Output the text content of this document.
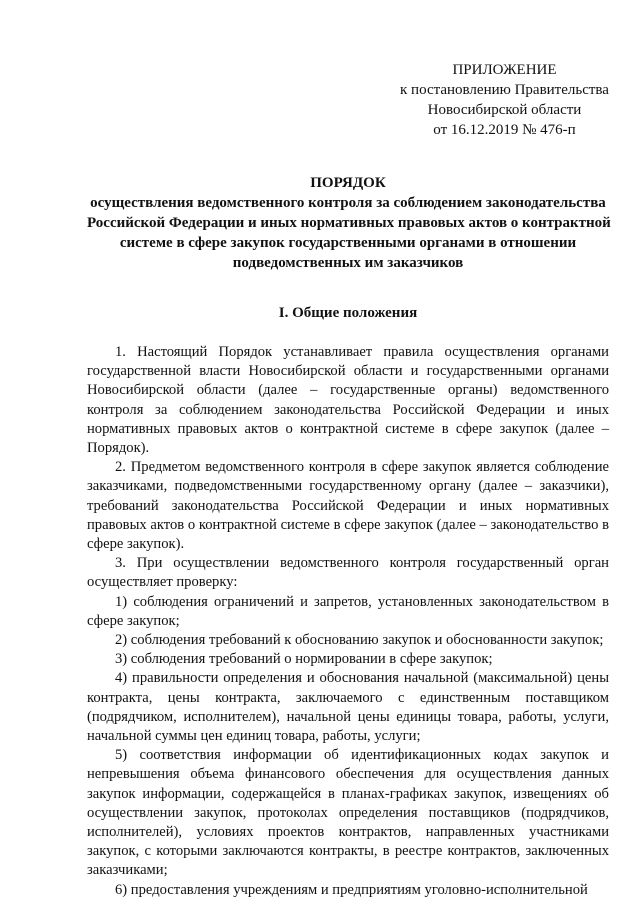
ПРИЛОЖЕНИЕ
к постановлению Правительства
Новосибирской области
от 16.12.2019 № 476-п
ПОРЯДОК
осуществления ведомственного контроля за соблюдением законодательства
Российской Федерации и иных нормативных правовых актов о контрактной
системе в сфере закупок государственными органами в отношении
подведомственных им заказчиков
I. Общие положения

1. Настоящий Порядок устанавливает правила осуществления органами государственной власти Новосибирской области и государственными органами Новосибирской области (далее – государственные органы) ведомственного контроля за соблюдением законодательства Российской Федерации и иных нормативных правовых актов о контрактной системе в сфере закупок (далее – Порядок).

2. Предметом ведомственного контроля в сфере закупок является соблюдение заказчиками, подведомственными государственному органу (далее – заказчики), требований законодательства Российской Федерации и иных нормативных правовых актов о контрактной системе в сфере закупок (далее – законодательство в сфере закупок).

3. При осуществлении ведомственного контроля государственный орган осуществляет проверку:

1) соблюдения ограничений и запретов, установленных законодательством в сфере закупок;

2) соблюдения требований к обоснованию закупок и обоснованности закупок;

3) соблюдения требований о нормировании в сфере закупок;

4) правильности определения и обоснования начальной (максимальной) цены контракта, цены контракта, заключаемого с единственным поставщиком (подрядчиком, исполнителем), начальной цены единицы товара, работы, услуги, начальной суммы цен единиц товара, работы, услуги;

5) соответствия информации об идентификационных кодах закупок и непревышения объема финансового обеспечения для осуществления данных закупок информации, содержащейся в планах-графиках закупок, извещениях об осуществлении закупок, протоколах определения поставщиков (подрядчиков, исполнителей), условиях проектов контрактов, направленных участниками закупок, с которыми заключаются контракты, в реестре контрактов, заключенных заказчиками;

6) предоставления учреждениям и предприятиям уголовно-исполнительной
